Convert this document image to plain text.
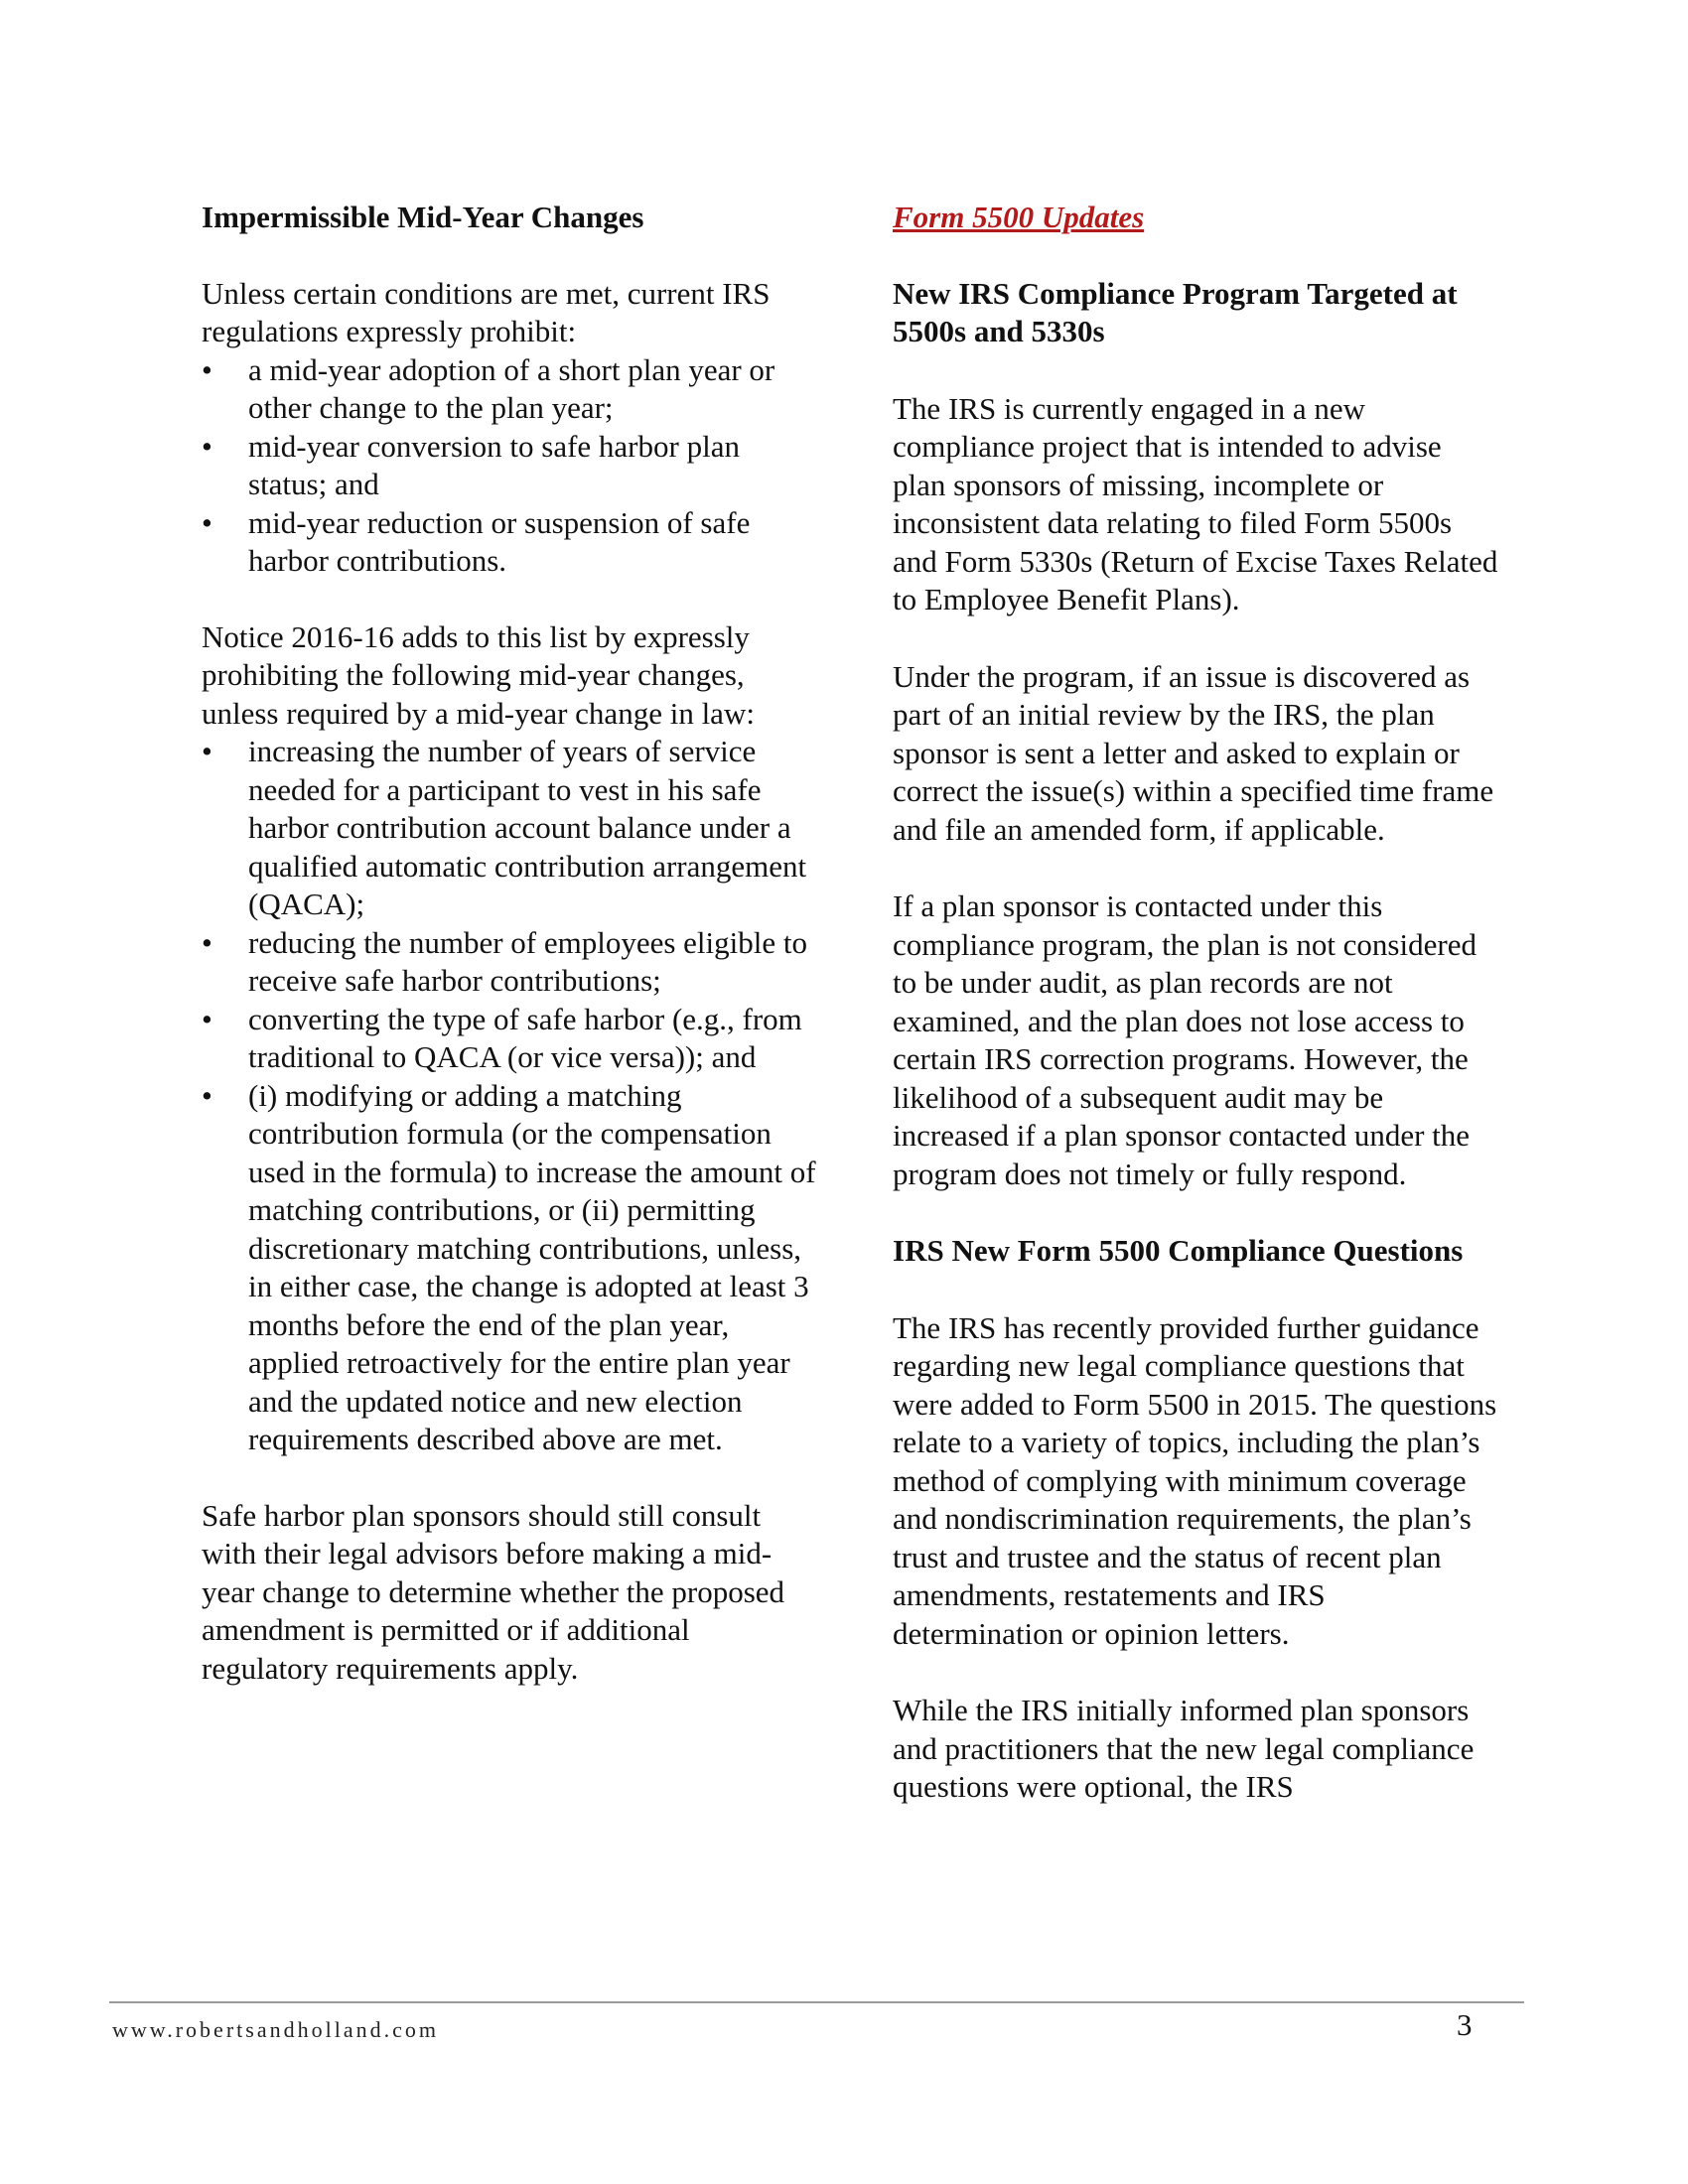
Impermissible Mid-Year Changes

Unless certain conditions are met, current IRS regulations expressly prohibit:

• a mid-year adoption of a short plan year or other change to the plan year;
• mid-year conversion to safe harbor plan status; and
• mid-year reduction or suspension of safe harbor contributions.

Notice 2016-16 adds to this list by expressly prohibiting the following mid-year changes, unless required by a mid-year change in law:

• increasing the number of years of service needed for a participant to vest in his safe harbor contribution account balance under a qualified automatic contribution arrangement (QACA);
• reducing the number of employees eligible to receive safe harbor contributions;
• converting the type of safe harbor (e.g., from traditional to QACA (or vice versa)); and
• (i) modifying or adding a matching contribution formula (or the compensation used in the formula) to increase the amount of matching contributions, or (ii) permitting discretionary matching contributions, unless, in either case, the change is adopted at least 3 months before the end of the plan year, applied retroactively for the entire plan year and the updated notice and new election requirements described above are met.

Safe harbor plan sponsors should still consult with their legal advisors before making a mid-year change to determine whether the proposed amendment is permitted or if additional regulatory requirements apply.

Form 5500 Updates

New IRS Compliance Program Targeted at 5500s and 5330s

The IRS is currently engaged in a new compliance project that is intended to advise plan sponsors of missing, incomplete or inconsistent data relating to filed Form 5500s and Form 5330s (Return of Excise Taxes Related to Employee Benefit Plans).

Under the program, if an issue is discovered as part of an initial review by the IRS, the plan sponsor is sent a letter and asked to explain or correct the issue(s) within a specified time frame and file an amended form, if applicable.

If a plan sponsor is contacted under this compliance program, the plan is not considered to be under audit, as plan records are not examined, and the plan does not lose access to certain IRS correction programs. However, the likelihood of a subsequent audit may be increased if a plan sponsor contacted under the program does not timely or fully respond.

IRS New Form 5500 Compliance Questions

The IRS has recently provided further guidance regarding new legal compliance questions that were added to Form 5500 in 2015. The questions relate to a variety of topics, including the plan’s method of complying with minimum coverage and nondiscrimination requirements, the plan’s trust and trustee and the status of recent plan amendments, restatements and IRS determination or opinion letters.

While the IRS initially informed plan sponsors and practitioners that the new legal compliance questions were optional, the IRS

www.robertsandholland.com	3
